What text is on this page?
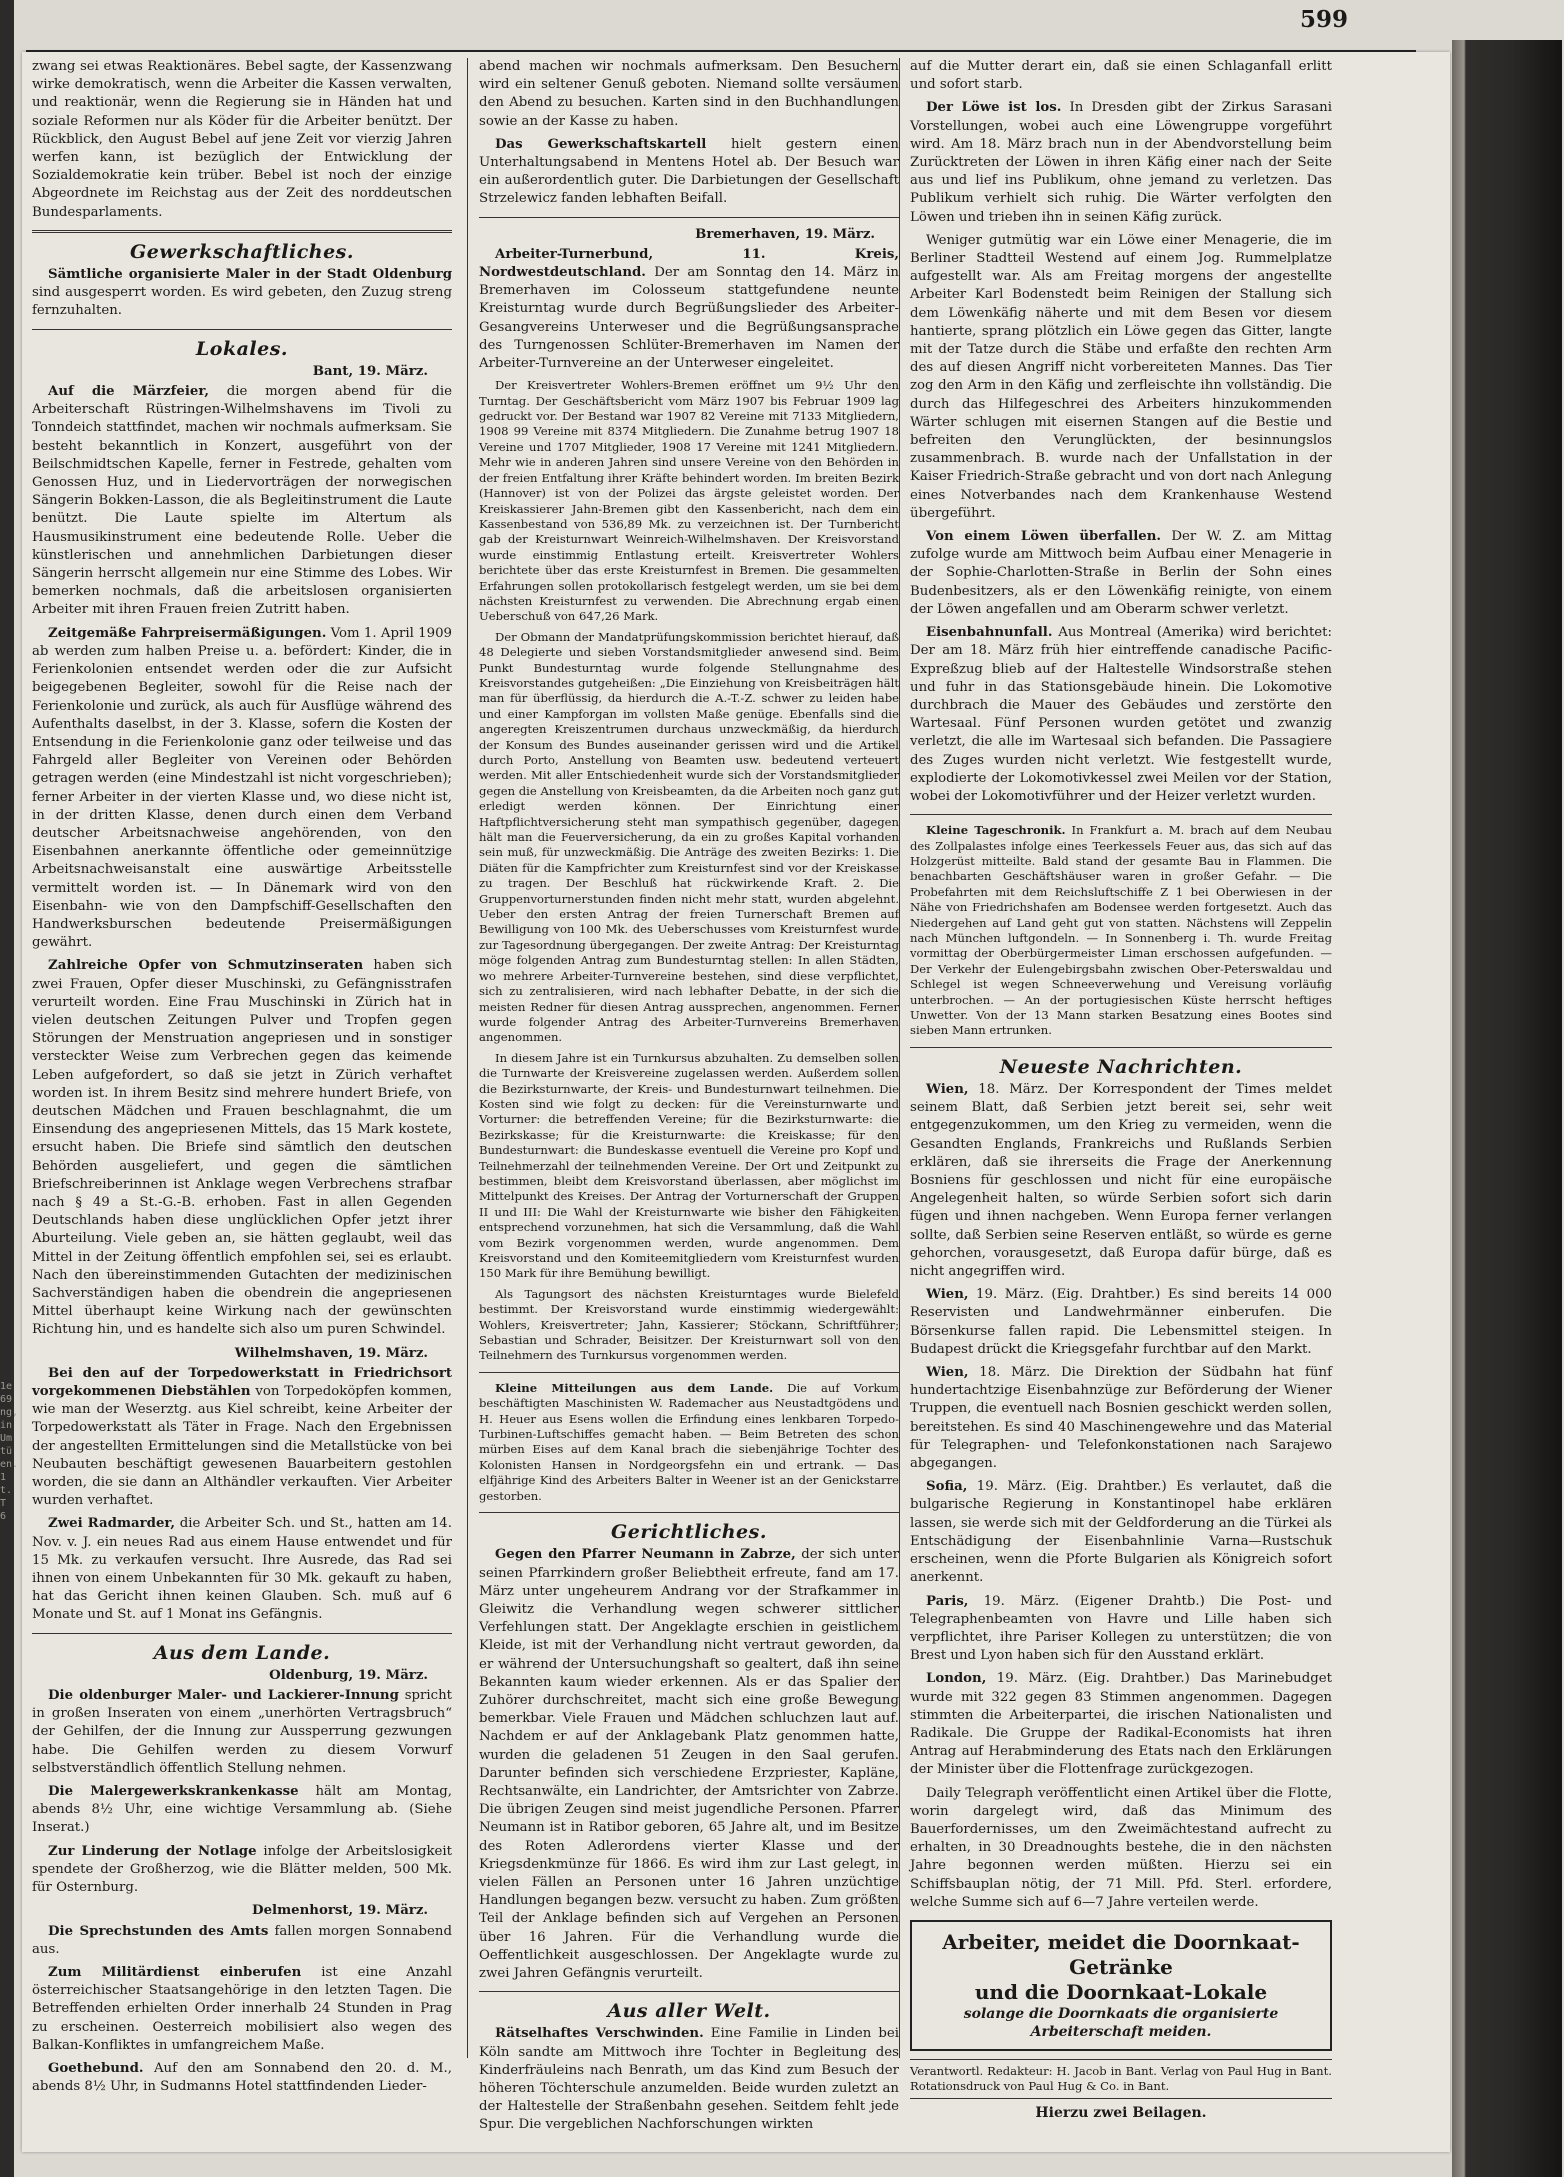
1e 69 ng, in Um tü en. 1 t. T 6
599

zwang sei etwas Reaktionäres. Bebel sagte, der Kassenzwang wirke demokratisch, wenn die Arbeiter die Kassen verwalten, und reaktionär, wenn die Regierung sie in Händen hat und soziale Reformen nur als Köder für die Arbeiter benützt. Der Rückblick, den August Bebel auf jene Zeit vor vierzig Jahren werfen kann, ist bezüglich der Entwicklung der Sozialdemokratie kein trüber. Bebel ist noch der einzige Abgeordnete im Reichstag aus der Zeit des norddeutschen Bundesparlaments.

Gewerkschaftliches.

Sämtliche organisierte Maler in der Stadt Oldenburg sind ausgesperrt worden. Es wird gebeten, den Zuzug streng fernzuhalten.

Lokales.
Bant, 19. März.

Auf die Märzfeier, die morgen abend für die Arbeiterschaft Rüstringen-Wilhelmshavens im Tivoli zu Tonndeich stattfindet, machen wir nochmals aufmerksam. Sie besteht bekanntlich in Konzert, ausgeführt von der Beilschmidtschen Kapelle, ferner in Festrede, gehalten vom Genossen Huz, und in Liedervorträgen der norwegischen Sängerin Bokken-Lasson, die als Begleitinstrument die Laute benützt. Die Laute spielte im Altertum als Hausmusikinstrument eine bedeutende Rolle. Ueber die künstlerischen und annehmlichen Darbietungen dieser Sängerin herrscht allgemein nur eine Stimme des Lobes. Wir bemerken nochmals, daß die arbeitslosen organisierten Arbeiter mit ihren Frauen freien Zutritt haben.

Zeitgemäße Fahrpreisermäßigungen. Vom 1. April 1909 ab werden zum halben Preise u. a. befördert: Kinder, die in Ferienkolonien entsendet werden oder die zur Aufsicht beigegebenen Begleiter, sowohl für die Reise nach der Ferienkolonie und zurück, als auch für Ausflüge während des Aufenthalts daselbst, in der 3. Klasse, sofern die Kosten der Entsendung in die Ferienkolonie ganz oder teilweise und das Fahrgeld aller Begleiter von Vereinen oder Behörden getragen werden (eine Mindestzahl ist nicht vorgeschrieben); ferner Arbeiter in der vierten Klasse und, wo diese nicht ist, in der dritten Klasse, denen durch einen dem Verband deutscher Arbeitsnachweise angehörenden, von den Eisenbahnen anerkannte öffentliche oder gemeinnützige Arbeitsnachweisanstalt eine auswärtige Arbeitsstelle vermittelt worden ist. — In Dänemark wird von den Eisenbahn- wie von den Dampfschiff-Gesellschaften den Handwerksburschen bedeutende Preisermäßigungen gewährt.

Zahlreiche Opfer von Schmutzinseraten haben sich zwei Frauen, Opfer dieser Muschinski, zu Gefängnisstrafen verurteilt worden. Eine Frau Muschinski in Zürich hat in vielen deutschen Zeitungen Pulver und Tropfen gegen Störungen der Menstruation angepriesen und in sonstiger versteckter Weise zum Verbrechen gegen das keimende Leben aufgefordert, so daß sie jetzt in Zürich verhaftet worden ist. In ihrem Besitz sind mehrere hundert Briefe, von deutschen Mädchen und Frauen beschlagnahmt, die um Einsendung des angepriesenen Mittels, das 15 Mark kostete, ersucht haben. Die Briefe sind sämtlich den deutschen Behörden ausgeliefert, und gegen die sämtlichen Briefschreiberinnen ist Anklage wegen Verbrechens strafbar nach § 49 a St.-G.-B. erhoben. Fast in allen Gegenden Deutschlands haben diese unglücklichen Opfer jetzt ihrer Aburteilung. Viele geben an, sie hätten geglaubt, weil das Mittel in der Zeitung öffentlich empfohlen sei, sei es erlaubt. Nach den übereinstimmenden Gutachten der medizinischen Sachverständigen haben die obendrein die angepriesenen Mittel überhaupt keine Wirkung nach der gewünschten Richtung hin, und es handelte sich also um puren Schwindel.

Wilhelmshaven, 19. März.

Bei den auf der Torpedowerkstatt in Friedrichsort vorgekommenen Diebstählen von Torpedoköpfen kommen, wie man der Weserztg. aus Kiel schreibt, keine Arbeiter der Torpedowerkstatt als Täter in Frage. Nach den Ergebnissen der angestellten Ermittelungen sind die Metallstücke von bei Neubauten beschäftigt gewesenen Bauarbeitern gestohlen worden, die sie dann an Althändler verkauften. Vier Arbeiter wurden verhaftet.

Zwei Radmarder, die Arbeiter Sch. und St., hatten am 14. Nov. v. J. ein neues Rad aus einem Hause entwendet und für 15 Mk. zu verkaufen versucht. Ihre Ausrede, das Rad sei ihnen von einem Unbekannten für 30 Mk. gekauft zu haben, hat das Gericht ihnen keinen Glauben. Sch. muß auf 6 Monate und St. auf 1 Monat ins Gefängnis.

Aus dem Lande.
Oldenburg, 19. März.

Die oldenburger Maler- und Lackierer-Innung spricht in großen Inseraten von einem „unerhörten Vertragsbruch“ der Gehilfen, der die Innung zur Aussperrung gezwungen habe. Die Gehilfen werden zu diesem Vorwurf selbstverständlich öffentlich Stellung nehmen.

Die Malergewerkskrankenkasse hält am Montag, abends 8½ Uhr, eine wichtige Versammlung ab. (Siehe Inserat.)

Zur Linderung der Notlage infolge der Arbeitslosigkeit spendete der Großherzog, wie die Blätter melden, 500 Mk. für Osternburg.

Delmenhorst, 19. März.

Die Sprechstunden des Amts fallen morgen Sonnabend aus.

Zum Militärdienst einberufen ist eine Anzahl österreichischer Staatsangehörige in den letzten Tagen. Die Betreffenden erhielten Order innerhalb 24 Stunden in Prag zu erscheinen. Oesterreich mobilisiert also wegen des Balkan-Konfliktes in umfangreichem Maße.

Goethebund. Auf den am Sonnabend den 20. d. M., abends 8½ Uhr, in Sudmanns Hotel stattfindenden Lieder-

abend machen wir nochmals aufmerksam. Den Besuchern wird ein seltener Genuß geboten. Niemand sollte versäumen den Abend zu besuchen. Karten sind in den Buchhandlungen sowie an der Kasse zu haben.

Das Gewerkschaftskartell hielt gestern einen Unterhaltungsabend in Mentens Hotel ab. Der Besuch war ein außerordentlich guter. Die Darbietungen der Gesellschaft Strzelewicz fanden lebhaften Beifall.

Bremerhaven, 19. März.

Arbeiter-Turnerbund, 11. Kreis, Nordwestdeutschland. Der am Sonntag den 14. März in Bremerhaven im Colosseum stattgefundene neunte Kreisturntag wurde durch Begrüßungslieder des Arbeiter-Gesangvereins Unterweser und die Begrüßungsansprache des Turngenossen Schlüter-Bremerhaven im Namen der Arbeiter-Turnvereine an der Unterweser eingeleitet.

Der Kreisvertreter Wohlers-Bremen eröffnet um 9½ Uhr den Turntag. Der Geschäftsbericht vom März 1907 bis Februar 1909 lag gedruckt vor. Der Bestand war 1907 82 Vereine mit 7133 Mitgliedern, 1908 99 Vereine mit 8374 Mitgliedern. Die Zunahme betrug 1907 18 Vereine und 1707 Mitglieder, 1908 17 Vereine mit 1241 Mitgliedern. Mehr wie in anderen Jahren sind unsere Vereine von den Behörden in der freien Entfaltung ihrer Kräfte behindert worden. Im breiten Bezirk (Hannover) ist von der Polizei das ärgste geleistet worden. Der Kreiskassierer Jahn-Bremen gibt den Kassenbericht, nach dem ein Kassenbestand von 536,89 Mk. zu verzeichnen ist. Der Turnbericht gab der Kreisturnwart Weinreich-Wilhelmshaven. Der Kreisvorstand wurde einstimmig Entlastung erteilt. Kreisvertreter Wohlers berichtete über das erste Kreisturnfest in Bremen. Die gesammelten Erfahrungen sollen protokollarisch festgelegt werden, um sie bei dem nächsten Kreisturnfest zu verwenden. Die Abrechnung ergab einen Ueberschuß von 647,26 Mark.

Der Obmann der Mandatprüfungskommission berichtet hierauf, daß 48 Delegierte und sieben Vorstandsmitglieder anwesend sind. Beim Punkt Bundesturntag wurde folgende Stellungnahme des Kreisvorstandes gutgeheißen: „Die Einziehung von Kreisbeiträgen hält man für überflüssig, da hierdurch die A.-T.-Z. schwer zu leiden habe und einer Kampforgan im vollsten Maße genüge. Ebenfalls sind die angeregten Kreiszentrumen durchaus unzweckmäßig, da hierdurch der Konsum des Bundes auseinander gerissen wird und die Artikel durch Porto, Anstellung von Beamten usw. bedeutend verteuert werden. Mit aller Entschiedenheit wurde sich der Vorstandsmitglieder gegen die Anstellung von Kreisbeamten, da die Arbeiten noch ganz gut erledigt werden können. Der Einrichtung einer Haftpflichtversicherung steht man sympathisch gegenüber, dagegen hält man die Feuerversicherung, da ein zu großes Kapital vorhanden sein muß, für unzweckmäßig. Die Anträge des zweiten Bezirks: 1. Die Diäten für die Kampfrichter zum Kreisturnfest sind vor der Kreiskasse zu tragen. Der Beschluß hat rückwirkende Kraft. 2. Die Gruppenvorturnerstunden finden nicht mehr statt, wurden abgelehnt. Ueber den ersten Antrag der freien Turnerschaft Bremen auf Bewilligung von 100 Mk. des Ueberschusses vom Kreisturnfest wurde zur Tagesordnung übergegangen. Der zweite Antrag: Der Kreisturntag möge folgenden Antrag zum Bundesturntag stellen: In allen Städten, wo mehrere Arbeiter-Turnvereine bestehen, sind diese verpflichtet, sich zu zentralisieren, wird nach lebhafter Debatte, in der sich die meisten Redner für diesen Antrag aussprechen, angenommen. Ferner wurde folgender Antrag des Arbeiter-Turnvereins Bremerhaven angenommen.

In diesem Jahre ist ein Turnkursus abzuhalten. Zu demselben sollen die Turnwarte der Kreisvereine zugelassen werden. Außerdem sollen die Bezirksturnwarte, der Kreis- und Bundesturnwart teilnehmen. Die Kosten sind wie folgt zu decken: für die Vereinsturnwarte und Vorturner: die betreffenden Vereine; für die Bezirksturnwarte: die Bezirkskasse; für die Kreisturnwarte: die Kreiskasse; für den Bundesturnwart: die Bundeskasse eventuell die Vereine pro Kopf und Teilnehmerzahl der teilnehmenden Vereine. Der Ort und Zeitpunkt zu bestimmen, bleibt dem Kreisvorstand überlassen, aber möglichst im Mittelpunkt des Kreises. Der Antrag der Vorturnerschaft der Gruppen II und III: Die Wahl der Kreisturnwarte wie bisher den Fähigkeiten entsprechend vorzunehmen, hat sich die Versammlung, daß die Wahl vom Bezirk vorgenommen werden, wurde angenommen. Dem Kreisvorstand und den Komiteemitgliedern vom Kreisturnfest wurden 150 Mark für ihre Bemühung bewilligt.

Als Tagungsort des nächsten Kreisturntages wurde Bielefeld bestimmt. Der Kreisvorstand wurde einstimmig wiedergewählt: Wohlers, Kreisvertreter; Jahn, Kassierer; Stöckann, Schriftführer; Sebastian und Schrader, Beisitzer. Der Kreisturnwart soll von den Teilnehmern des Turnkursus vorgenommen werden.

Kleine Mitteilungen aus dem Lande. Die auf Vorkum beschäftigten Maschinisten W. Rademacher aus Neustadtgödens und H. Heuer aus Esens wollen die Erfindung eines lenkbaren Torpedo-Turbinen-Luftschiffes gemacht haben. — Beim Betreten des schon mürben Eises auf dem Kanal brach die siebenjährige Tochter des Kolonisten Hansen in Nordgeorgsfehn ein und ertrank. — Das elfjährige Kind des Arbeiters Balter in Weener ist an der Genickstarre gestorben.

Gerichtliches.

Gegen den Pfarrer Neumann in Zabrze, der sich unter seinen Pfarrkindern großer Beliebtheit erfreute, fand am 17. März unter ungeheurem Andrang vor der Strafkammer in Gleiwitz die Verhandlung wegen schwerer sittlicher Verfehlungen statt. Der Angeklagte erschien in geistlichem Kleide, ist mit der Verhandlung nicht vertraut geworden, da er während der Untersuchungshaft so gealtert, daß ihn seine Bekannten kaum wieder erkennen. Als er das Spalier der Zuhörer durchschreitet, macht sich eine große Bewegung bemerkbar. Viele Frauen und Mädchen schluchzen laut auf. Nachdem er auf der Anklagebank Platz genommen hatte, wurden die geladenen 51 Zeugen in den Saal gerufen. Darunter befinden sich verschiedene Erzpriester, Kapläne, Rechtsanwälte, ein Landrichter, der Amtsrichter von Zabrze. Die übrigen Zeugen sind meist jugendliche Personen. Pfarrer Neumann ist in Ratibor geboren, 65 Jahre alt, und im Besitze des Roten Adlerordens vierter Klasse und der Kriegsdenkmünze für 1866. Es wird ihm zur Last gelegt, in vielen Fällen an Personen unter 16 Jahren unzüchtige Handlungen begangen bezw. versucht zu haben. Zum größten Teil der Anklage befinden sich auf Vergehen an Personen über 16 Jahren. Für die Verhandlung wurde die Oeffentlichkeit ausgeschlossen. Der Angeklagte wurde zu zwei Jahren Gefängnis verurteilt.

Aus aller Welt.

Rätselhaftes Verschwinden. Eine Familie in Linden bei Köln sandte am Mittwoch ihre Tochter in Begleitung des Kinderfräuleins nach Benrath, um das Kind zum Besuch der höheren Töchterschule anzumelden. Beide wurden zuletzt an der Haltestelle der Straßenbahn gesehen. Seitdem fehlt jede Spur. Die vergeblichen Nachforschungen wirkten

auf die Mutter derart ein, daß sie einen Schlaganfall erlitt und sofort starb.

Der Löwe ist los. In Dresden gibt der Zirkus Sarasani Vorstellungen, wobei auch eine Löwengruppe vorgeführt wird. Am 18. März brach nun in der Abendvorstellung beim Zurücktreten der Löwen in ihren Käfig einer nach der Seite aus und lief ins Publikum, ohne jemand zu verletzen. Das Publikum verhielt sich ruhig. Die Wärter verfolgten den Löwen und trieben ihn in seinen Käfig zurück.

Weniger gutmütig war ein Löwe einer Menagerie, die im Berliner Stadtteil Westend auf einem Jog. Rummelplatze aufgestellt war. Als am Freitag morgens der angestellte Arbeiter Karl Bodenstedt beim Reinigen der Stallung sich dem Löwenkäfig näherte und mit dem Besen vor diesem hantierte, sprang plötzlich ein Löwe gegen das Gitter, langte mit der Tatze durch die Stäbe und erfaßte den rechten Arm des auf diesen Angriff nicht vorbereiteten Mannes. Das Tier zog den Arm in den Käfig und zerfleischte ihn vollständig. Die durch das Hilfegeschrei des Arbeiters hinzukommenden Wärter schlugen mit eisernen Stangen auf die Bestie und befreiten den Verunglückten, der besinnungslos zusammenbrach. B. wurde nach der Unfallstation in der Kaiser Friedrich-Straße gebracht und von dort nach Anlegung eines Notverbandes nach dem Krankenhause Westend übergeführt.

Von einem Löwen überfallen. Der W. Z. am Mittag zufolge wurde am Mittwoch beim Aufbau einer Menagerie in der Sophie-Charlotten-Straße in Berlin der Sohn eines Budenbesitzers, als er den Löwenkäfig reinigte, von einem der Löwen angefallen und am Oberarm schwer verletzt.

Eisenbahnunfall. Aus Montreal (Amerika) wird berichtet: Der am 18. März früh hier eintreffende canadische Pacific-Expreßzug blieb auf der Haltestelle Windsorstraße stehen und fuhr in das Stationsgebäude hinein. Die Lokomotive durchbrach die Mauer des Gebäudes und zerstörte den Wartesaal. Fünf Personen wurden getötet und zwanzig verletzt, die alle im Wartesaal sich befanden. Die Passagiere des Zuges wurden nicht verletzt. Wie festgestellt wurde, explodierte der Lokomotivkessel zwei Meilen vor der Station, wobei der Lokomotivführer und der Heizer verletzt wurden.

Kleine Tageschronik. In Frankfurt a. M. brach auf dem Neubau des Zollpalastes infolge eines Teerkessels Feuer aus, das sich auf das Holzgerüst mitteilte. Bald stand der gesamte Bau in Flammen. Die benachbarten Geschäftshäuser waren in großer Gefahr. — Die Probefahrten mit dem Reichsluftschiffe Z 1 bei Oberwiesen in der Nähe von Friedrichshafen am Bodensee werden fortgesetzt. Auch das Niedergehen auf Land geht gut von statten. Nächstens will Zeppelin nach München luftgondeln. — In Sonnenberg i. Th. wurde Freitag vormittag der Oberbürgermeister Liman erschossen aufgefunden. — Der Verkehr der Eulengebirgsbahn zwischen Ober-Peterswaldau und Schlegel ist wegen Schneeverwehung und Vereisung vorläufig unterbrochen. — An der portugiesischen Küste herrscht heftiges Unwetter. Von der 13 Mann starken Besatzung eines Bootes sind sieben Mann ertrunken.

Neueste Nachrichten.

Wien, 18. März. Der Korrespondent der Times meldet seinem Blatt, daß Serbien jetzt bereit sei, sehr weit entgegenzukommen, um den Krieg zu vermeiden, wenn die Gesandten Englands, Frankreichs und Rußlands Serbien erklären, daß sie ihrerseits die Frage der Anerkennung Bosniens für geschlossen und nicht für eine europäische Angelegenheit halten, so würde Serbien sofort sich darin fügen und ihnen nachgeben. Wenn Europa ferner verlangen sollte, daß Serbien seine Reserven entläßt, so würde es gerne gehorchen, vorausgesetzt, daß Europa dafür bürge, daß es nicht angegriffen wird.

Wien, 19. März. (Eig. Drahtber.) Es sind bereits 14 000 Reservisten und Landwehrmänner einberufen. Die Börsenkurse fallen rapid. Die Lebensmittel steigen. In Budapest drückt die Kriegsgefahr furchtbar auf den Markt.

Wien, 18. März. Die Direktion der Südbahn hat fünf hundertachtzige Eisenbahnzüge zur Beförderung der Wiener Truppen, die eventuell nach Bosnien geschickt werden sollen, bereitstehen. Es sind 40 Maschinengewehre und das Material für Telegraphen- und Telefonkonstationen nach Sarajewo abgegangen.

Sofia, 19. März. (Eig. Drahtber.) Es verlautet, daß die bulgarische Regierung in Konstantinopel habe erklären lassen, sie werde sich mit der Geldforderung an die Türkei als Entschädigung der Eisenbahnlinie Varna—Rustschuk erscheinen, wenn die Pforte Bulgarien als Königreich sofort anerkennt.

Paris, 19. März. (Eigener Drahtb.) Die Post- und Telegraphenbeamten von Havre und Lille haben sich verpflichtet, ihre Pariser Kollegen zu unterstützen; die von Brest und Lyon haben sich für den Ausstand erklärt.

London, 19. März. (Eig. Drahtber.) Das Marinebudget wurde mit 322 gegen 83 Stimmen angenommen. Dagegen stimmten die Arbeiterpartei, die irischen Nationalisten und Radikale. Die Gruppe der Radikal-Economists hat ihren Antrag auf Herabminderung des Etats nach den Erklärungen der Minister über die Flottenfrage zurückgezogen.

Daily Telegraph veröffentlicht einen Artikel über die Flotte, worin dargelegt wird, daß das Minimum des Bauerfordernisses, um den Zweimächtestand aufrecht zu erhalten, in 30 Dreadnoughts bestehe, die in den nächsten Jahre begonnen werden müßten. Hierzu sei ein Schiffsbauplan nötig, der 71 Mill. Pfd. Sterl. erfordere, welche Summe sich auf 6—7 Jahre verteilen werde.

Arbeiter, meidet die Doornkaat-Getränke
und die Doornkaat-Lokale
solange die Doornkaats die organisierte
Arbeiterschaft meiden.
Verantwortl. Redakteur: H. Jacob in Bant. Verlag von Paul Hug in Bant. Rotationsdruck von Paul Hug & Co. in Bant.
Hierzu zwei Beilagen.
